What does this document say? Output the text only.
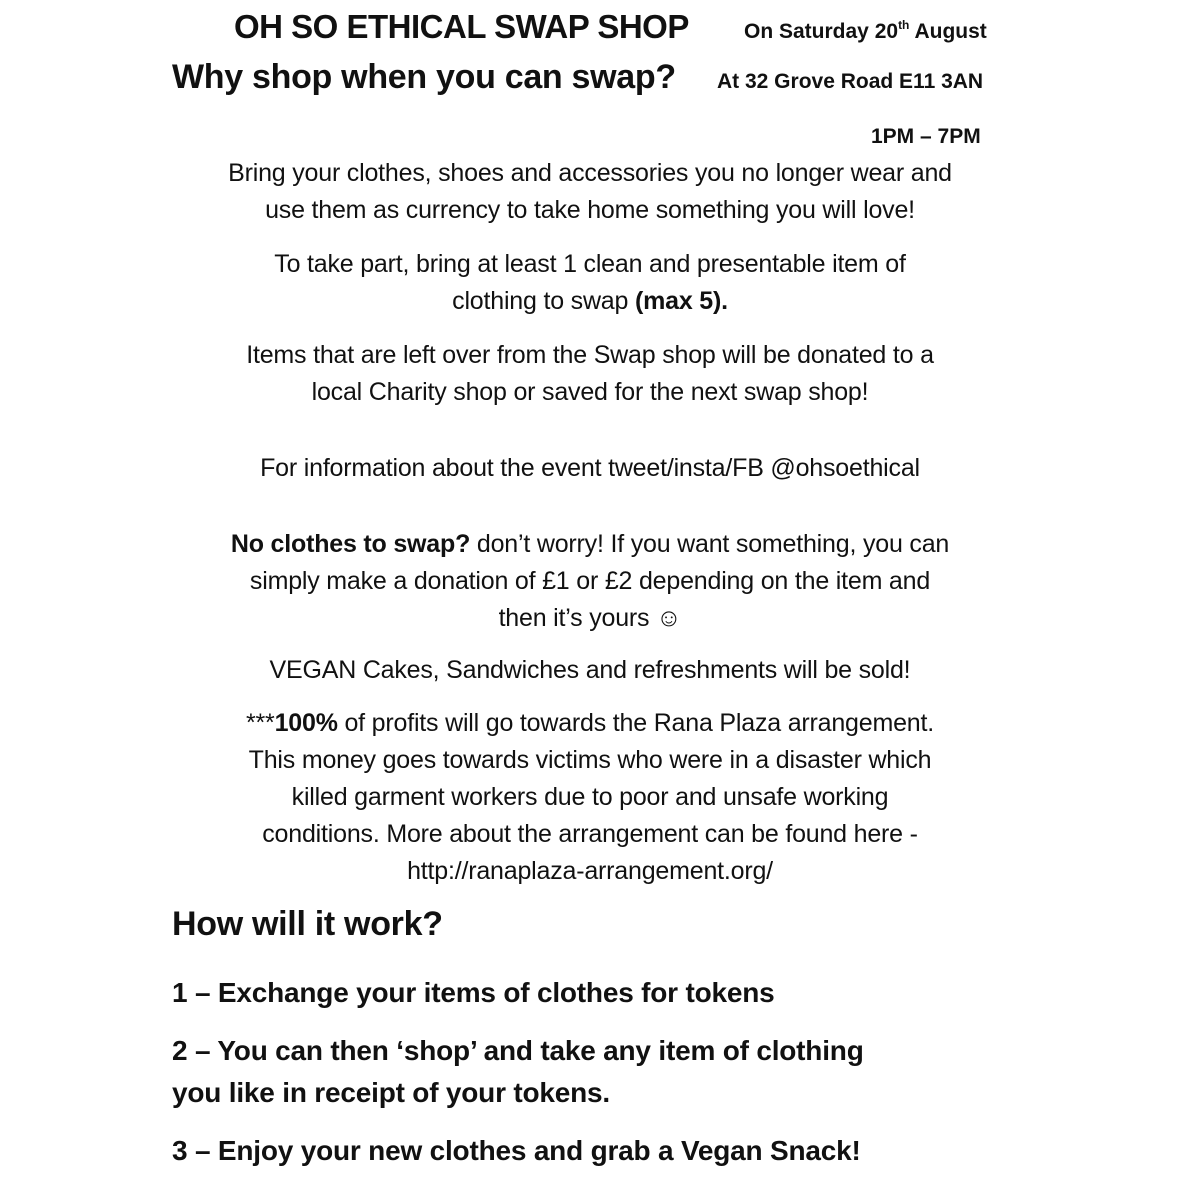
OH SO ETHICAL SWAP SHOP	On Saturday 20th August
Why shop when you can swap? At 32 Grove Road E11 3AN
1PM – 7PM
Bring your clothes, shoes and accessories you no longer wear and
use them as currency to take home something you will love!
To take part, bring at least 1 clean and presentable item of
clothing to swap (max 5).
Items that are left over from the Swap shop will be donated to a
local Charity shop or saved for the next swap shop!
For information about the event tweet/insta/FB @ohsoethical
No clothes to swap? don’t worry! If you want something, you can
simply make a donation of £1 or £2 depending on the item and
then it’s yours ☺
VEGAN Cakes, Sandwiches and refreshments will be sold!
***100% of profits will go towards the Rana Plaza arrangement.
This money goes towards victims who were in a disaster which
killed garment workers due to poor and unsafe working
conditions. More about the arrangement can be found here -
http://ranaplaza-arrangement.org/
How will it work?
1 – Exchange your items of clothes for tokens
2 – You can then ‘shop’ and take any item of clothing
you like in receipt of your tokens.
3 – Enjoy your new clothes and grab a Vegan Snack!
